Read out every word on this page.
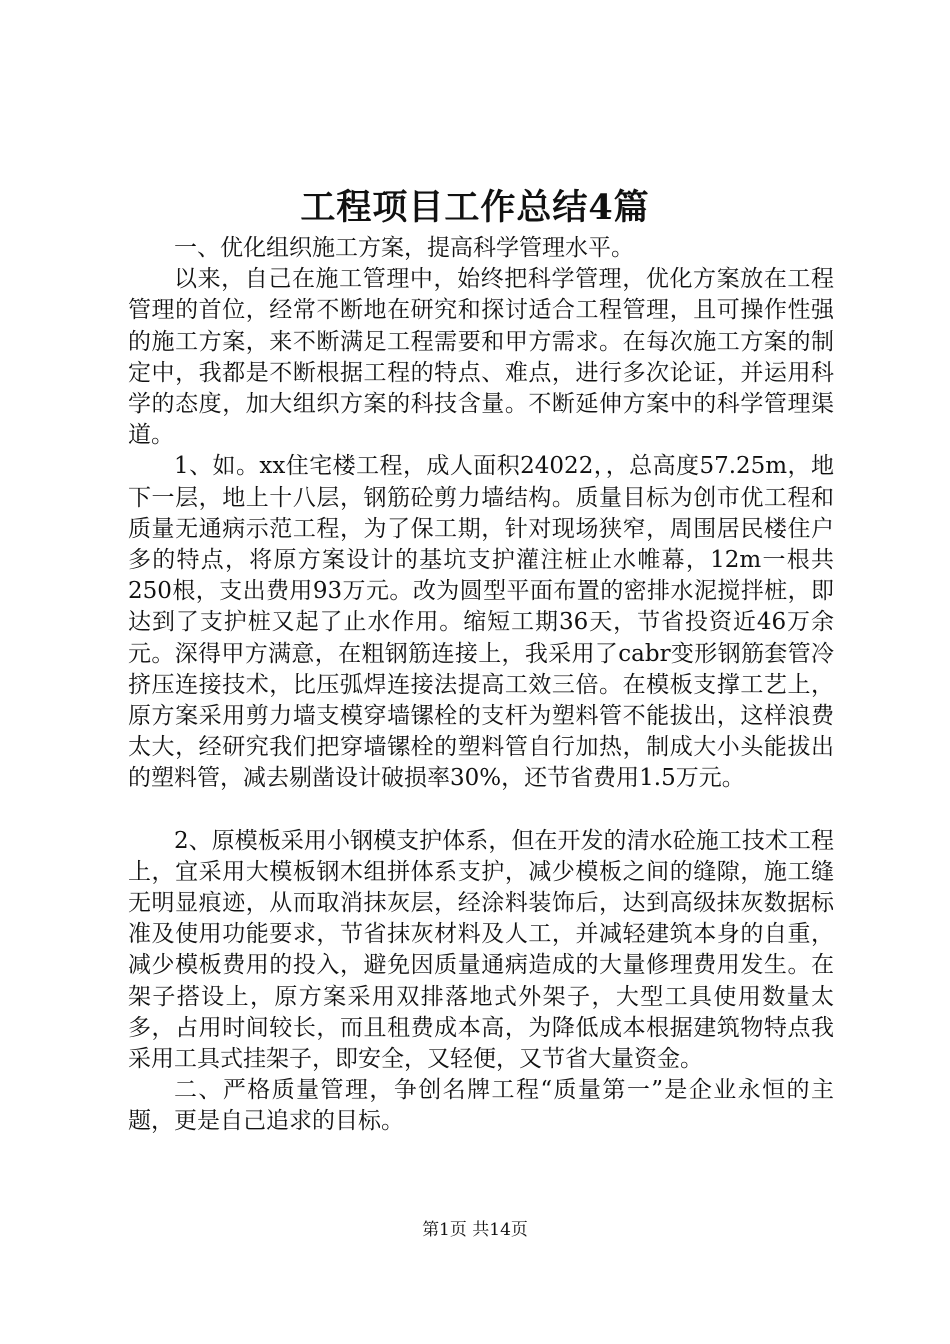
工程项目工作总结4篇

一、优化组织施工方案，提高科学管理水平。

以来，自己在施工管理中，始终把科学管理，优化方案放在工程管理的首位，经常不断地在研究和探讨适合工程管理，且可操作性强的施工方案，来不断满足工程需要和甲方需求。在每次施工方案的制定中，我都是不断根据工程的特点、难点，进行多次论证，并运用科学的态度，加大组织方案的科技含量。不断延伸方案中的科学管理渠道。

1、如。xx住宅楼工程，成人面积24022，，总高度57.25m，地下一层，地上十八层，钢筋砼剪力墙结构。质量目标为创市优工程和质量无通病示范工程，为了保工期，针对现场狭窄，周围居民楼住户多的特点，将原方案设计的基坑支护灌注桩止水帷幕，12m一根共250根，支出费用93万元。改为圆型平面布置的密排水泥搅拌桩，即达到了支护桩又起了止水作用。缩短工期36天，节省投资近46万余元。深得甲方满意，在粗钢筋连接上，我采用了cabr变形钢筋套管冷挤压连接技术，比压弧焊连接法提高工效三倍。在模板支撑工艺上，原方案采用剪力墙支模穿墙镙栓的支杆为塑料管不能拔出，这样浪费太大，经研究我们把穿墙镙栓的塑料管自行加热，制成大小头能拔出的塑料管，减去剔凿设计破损率30%，还节省费用1.5万元。

2、原模板采用小钢模支护体系，但在开发的清水砼施工技术工程上，宜采用大模板钢木组拼体系支护，减少模板之间的缝隙，施工缝无明显痕迹，从而取消抹灰层，经涂料装饰后，达到高级抹灰数据标准及使用功能要求，节省抹灰材料及人工，并减轻建筑本身的自重，减少模板费用的投入，避免因质量通病造成的大量修理费用发生。在架子搭设上，原方案采用双排落地式外架子，大型工具使用数量太多，占用时间较长，而且租费成本高，为降低成本根据建筑物特点我采用工具式挂架子，即安全，又轻便，又节省大量资金。

二、严格质量管理，争创名牌工程“质量第一”是企业永恒的主题，更是自己追求的目标。

第1页 共14页
